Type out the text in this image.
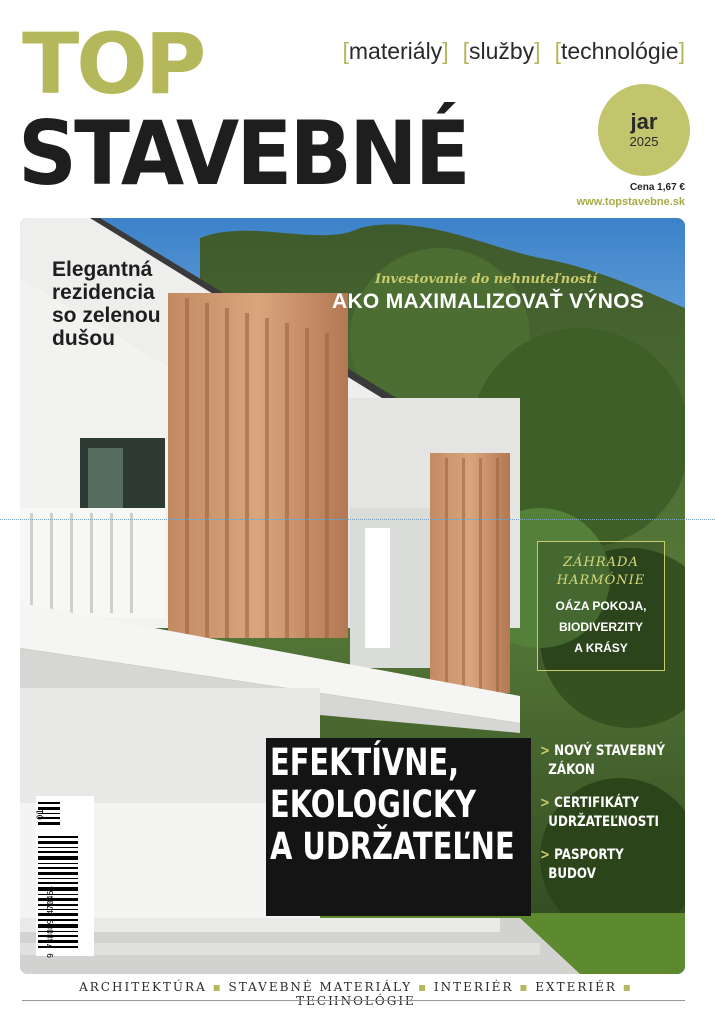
TOP
STAVEBNÉ
[materiály] [služby] [technológie]
jar
2025
Cena 1,67 €
www.topstavebne.sk
Elegantná
rezidencia
so zelenou
dušou
Investovanie do nehnuteľností
AKO MAXIMALIZOVAŤ VÝNOS
ZÁHRADA
HARMÓNIE
OÁZA POKOJA,
BIODIVERZITY
A KRÁSY
EFEKTÍVNE,
EKOLOGICKY
A UDRŽATEĽNE
> NOVÝ STAVEBNÝ
ZÁKON
> CERTIFIKÁTY
UDRŽATEĽNOSTI
> PASPORTY
BUDOV
9 788089 470464
01
ARCHITEKTÚRA ▪ STAVEBNÉ MATERIÁLY ▪ INTERIÉR ▪ EXTERIÉR ▪ TECHNOLÓGIE
